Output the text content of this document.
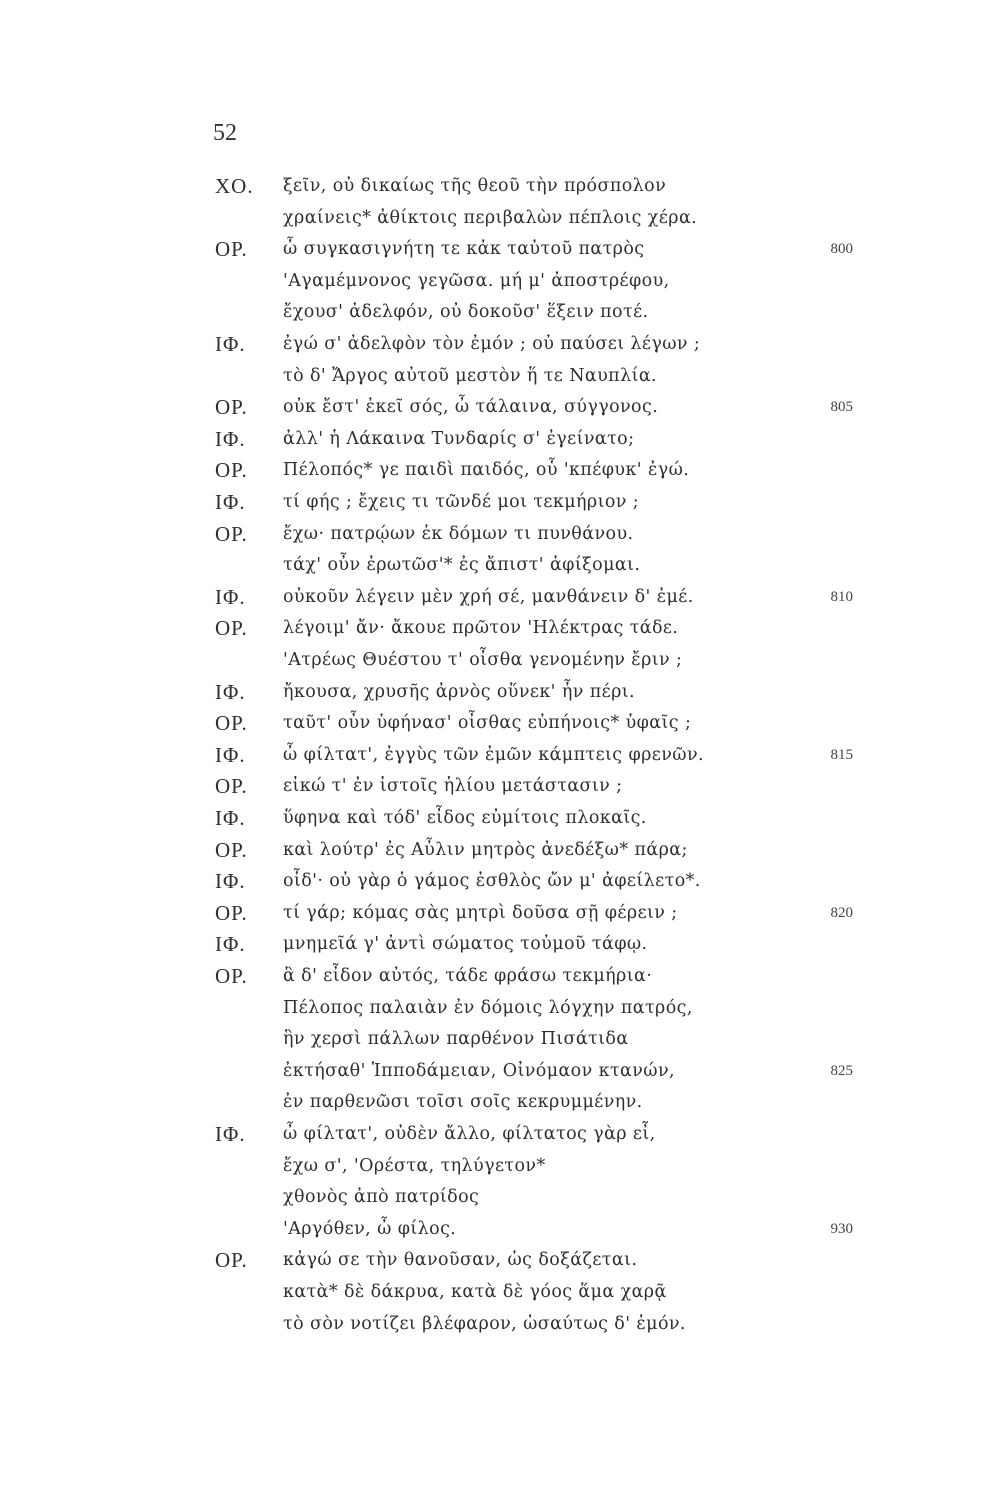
52
ΧΟ. ξεῖν, οὐ δικαίως τῆς θεοῦ τὴν πρόσπολον
χραίνεις* ἀθίκτοις περιβαλὼν πέπλοις χέρα.
ΟΡ. ὦ συγκασιγνήτη τε κἀκ ταὐτοῦ πατρὸς	800
'Αγαμέμνονος γεγῶσα. μή μ' ἀποστρέφου,
ἔχουσ' ἀδελφόν, οὐ δοκοῦσ' ἕξειν ποτέ.
ΙΦ. ἐγώ σ' ἀδελφὸν τὸν ἐμόν ; οὐ παύσει λέγων ;
τὸ δ' Ἄργος αὐτοῦ μεστὸν ἥ τε Ναυπλία.
ΟΡ. οὐκ ἔστ' ἐκεῖ σός, ὦ τάλαινα, σύγγονος.	805
ΙΦ. ἀλλ' ἡ Λάκαινα Τυνδαρίς σ' ἐγείνατο;
ΟΡ. Πέλοπός* γε παιδὶ παιδός, οὗ 'κπέφυκ' ἐγώ.
ΙΦ. τί φής ; ἔχεις τι τῶνδέ μοι τεκμήριον ;
ΟΡ. ἔχω· πατρῴων ἐκ δόμων τι πυνθάνου.
τάχ' οὖν ἐρωτῶσ'* ἐς ἄπιστ' ἀφίξομαι.
ΙΦ. οὐκοῦν λέγειν μὲν χρή σέ, μανθάνειν δ' ἐμέ.	810
ΟΡ. λέγοιμ' ἄν· ἄκουε πρῶτον 'Ηλέκτρας τάδε.
'Ατρέως Θυέστου τ' οἶσθα γενομένην ἔριν ;
ΙΦ. ἤκουσα, χρυσῆς ἀρνὸς οὕνεκ' ἦν πέρι.
ΟΡ. ταῦτ' οὖν ὑφήνασ' οἶσθας εὐπήνοις* ὑφαῖς ;
ΙΦ. ὦ φίλτατ', ἐγγὺς τῶν ἐμῶν κάμπτεις φρενῶν.	815
ΟΡ. εἰκώ τ' ἐν ἱστοῖς ἡλίου μετάστασιν ;
ΙΦ. ὕφηνα καὶ τόδ' εἶδος εὐμίτοις πλοκαῖς.
ΟΡ. καὶ λούτρ' ἐς Αὖλιν μητρὸς ἀνεδέξω* πάρα;
ΙΦ. οἶδ'· οὐ γὰρ ὁ γάμος ἐσθλὸς ὤν μ' ἀφείλετο*.
ΟΡ. τί γάρ; κόμας σὰς μητρὶ δοῦσα σῇ φέρειν ;	820
ΙΦ. μνημεῖά γ' ἀντὶ σώματος τοὐμοῦ τάφῳ.
ΟΡ. ἃ δ' εἶδον αὐτός, τάδε φράσω τεκμήρια·
Πέλοπος παλαιὰν ἐν δόμοις λόγχην πατρός,
ἣν χερσὶ πάλλων παρθένον Πισάτιδα
ἐκτήσαθ' Ἱπποδάμειαν, Οἰνόμαον κτανών,	825
ἐν παρθενῶσι τοῖσι σοῖς κεκρυμμένην.
ΙΦ. ὦ φίλτατ', οὐδὲν ἄλλο, φίλτατος γὰρ εἶ,
ἔχω σ', 'Ορέστα, τηλύγετον*
χθονὸς ἀπὸ πατρίδος
'Αργόθεν, ὦ φίλος.	930
ΟΡ. κἀγώ σε τὴν θανοῦσαν, ὡς δοξάζεται.
κατὰ* δὲ δάκρυα, κατὰ δὲ γόος ἅμα χαρᾷ
τὸ σὸν νοτίζει βλέφαρον, ὡσαύτως δ' ἐμόν.
